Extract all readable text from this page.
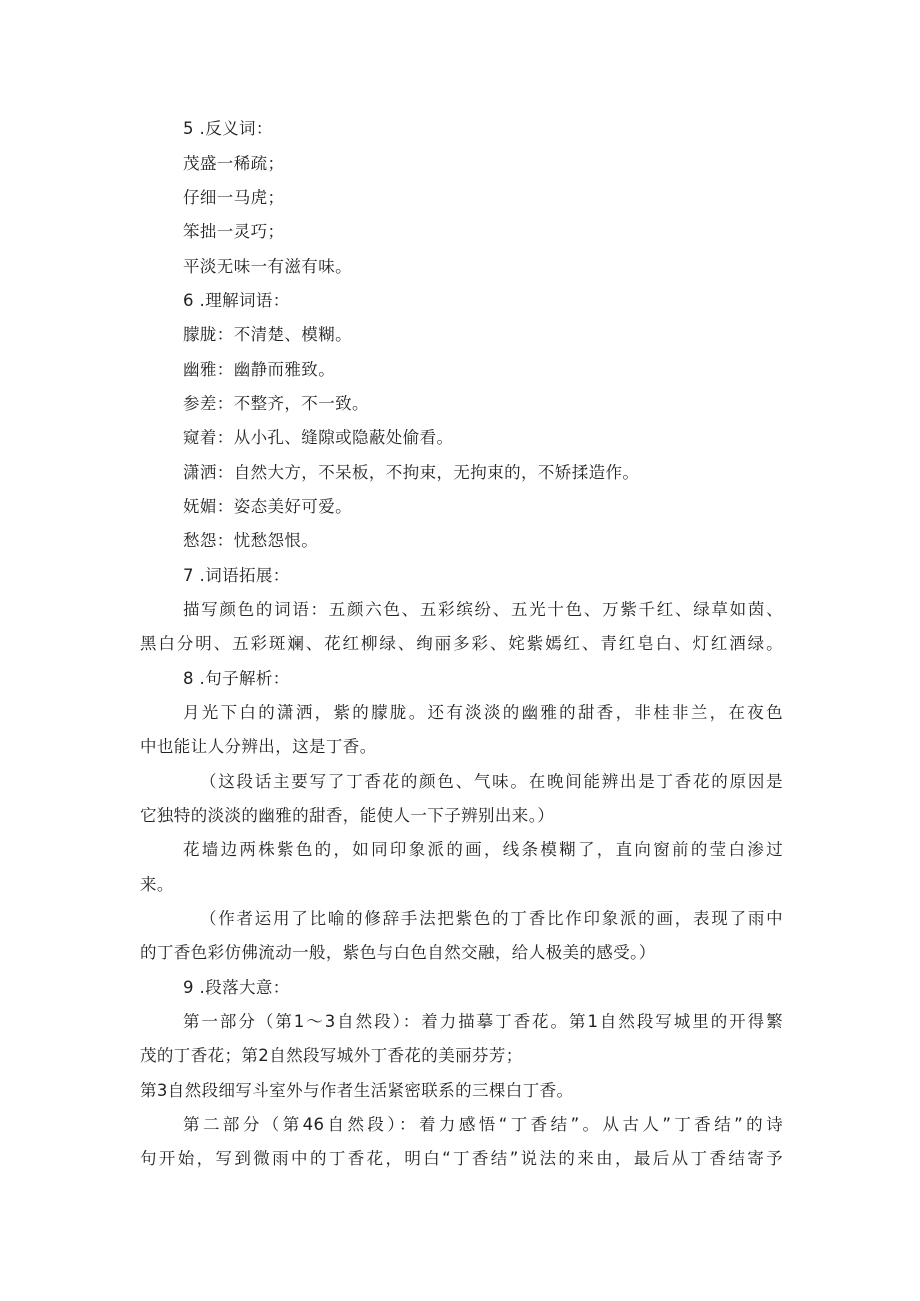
5 .反义词：
茂盛一稀疏；
仔细一马虎；
笨拙一灵巧；
平淡无味一有滋有味。
6 .理解词语：
朦胧：不清楚、模糊。
幽雅：幽静而雅致。
参差：不整齐，不一致。
窥着：从小孔、缝隙或隐蔽处偷看。
潇洒：自然大方，不呆板，不拘束，无拘束的，不矫揉造作。
妩媚：姿态美好可爱。
愁怨：忧愁怨恨。
7 .词语拓展：
描写颜色的词语：五颜六色、五彩缤纷、五光十色、万紫千红、绿草如茵、
黑白分明、五彩斑斓、花红柳绿、绚丽多彩、姹紫嫣红、青红皂白、灯红酒绿。
8 .句子解析：
月光下白的潇洒，紫的朦胧。还有淡淡的幽雅的甜香，非桂非兰，在夜色
中也能让人分辨出，这是丁香。
（这段话主要写了丁香花的颜色、气味。在晚间能辨出是丁香花的原因是
它独特的淡淡的幽雅的甜香，能使人一下子辨别出来。）
花墙边两株紫色的，如同印象派的画，线条模糊了，直向窗前的莹白渗过
来。
（作者运用了比喻的修辞手法把紫色的丁香比作印象派的画，表现了雨中
的丁香色彩仿佛流动一般，紫色与白色自然交融，给人极美的感受。）
9 .段落大意：
第一部分（第1〜3自然段）：着力描摹丁香花。第1自然段写城里的开得繁
茂的丁香花；第2自然段写城外丁香花的美丽芬芳；
第3自然段细写斗室外与作者生活紧密联系的三棵白丁香。
第二部分（第46自然段）：着力感悟“丁香结”。从古人”丁香结”的诗
句开始，写到微雨中的丁香花，明白“丁香结”说法的来由，最后从丁香结寄予
